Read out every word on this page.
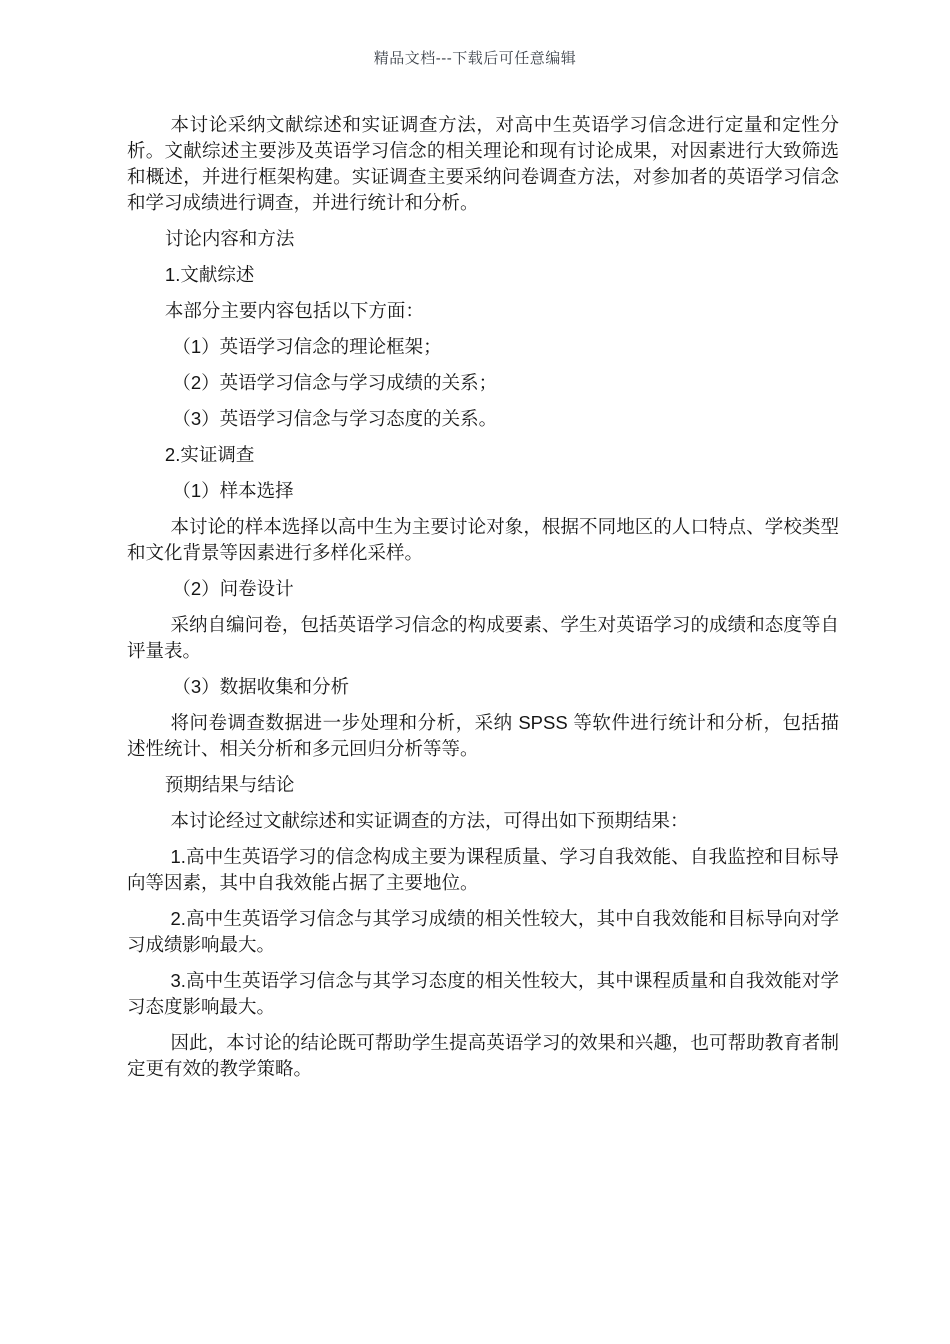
精品文档---下载后可任意编辑

本讨论采纳文献综述和实证调查方法，对高中生英语学习信念进行定量和定性分析。文献综述主要涉及英语学习信念的相关理论和现有讨论成果，对因素进行大致筛选和概述，并进行框架构建。实证调查主要采纳问卷调查方法，对参加者的英语学习信念和学习成绩进行调查，并进行统计和分析。

讨论内容和方法

1.文献综述

本部分主要内容包括以下方面：

（1）英语学习信念的理论框架；

（2）英语学习信念与学习成绩的关系；

（3）英语学习信念与学习态度的关系。

2.实证调查

（1）样本选择

本讨论的样本选择以高中生为主要讨论对象，根据不同地区的人口特点、学校类型和文化背景等因素进行多样化采样。

（2）问卷设计

采纳自编问卷，包括英语学习信念的构成要素、学生对英语学习的成绩和态度等自评量表。

（3）数据收集和分析

将问卷调查数据进一步处理和分析，采纳 SPSS 等软件进行统计和分析，包括描述性统计、相关分析和多元回归分析等等。

预期结果与结论

本讨论经过文献综述和实证调查的方法，可得出如下预期结果：

1.高中生英语学习的信念构成主要为课程质量、学习自我效能、自我监控和目标导向等因素，其中自我效能占据了主要地位。

2.高中生英语学习信念与其学习成绩的相关性较大，其中自我效能和目标导向对学习成绩影响最大。

3.高中生英语学习信念与其学习态度的相关性较大，其中课程质量和自我效能对学习态度影响最大。

因此，本讨论的结论既可帮助学生提高英语学习的效果和兴趣，也可帮助教育者制定更有效的教学策略。
